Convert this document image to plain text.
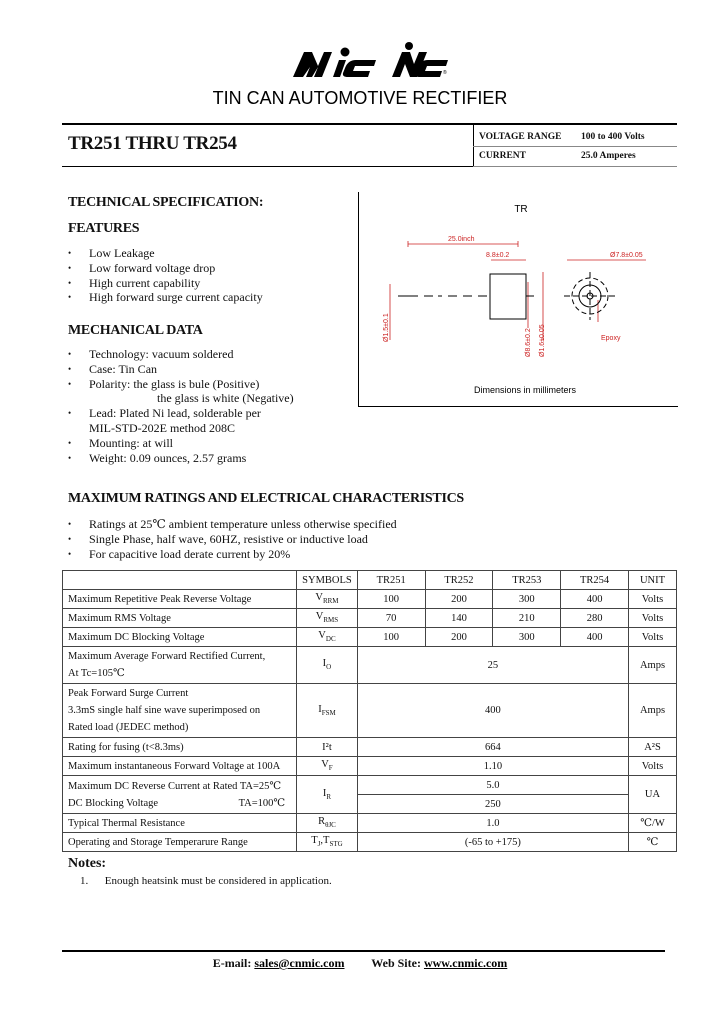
®
TIN CAN AUTOMOTIVE RECTIFIER
TR251 THRU TR254	VOLTAGE RANGE 100 to 400 Volts
CURRENT	25.0 Amperes
TECHNICAL SPECIFICATION:
FEATURES
• Low Leakage
• Low forward voltage drop
• High current capability
• High forward surge current capacity
MECHANICAL DATA
• Technology: vacuum soldered
• Case: Tin Can
• Polarity: the glass is bule (Positive)
the glass is white (Negative)
• Lead: Plated Ni lead, solderable per
MIL-STD-202E method 208C
• Mounting: at will
• Weight: 0.09 ounces, 2.57 grams
TR
25.0inch
8.8±0.2	Ø7.8±0.05
Epoxy
Ø1.5±0.1
Ø8.6±0.2 Ø1.6±0.05
Dimensions in millimeters
MAXIMUM RATINGS AND ELECTRICAL CHARACTERISTICS
• Ratings at 25℃ ambient temperature unless otherwise specified
• Single Phase, half wave, 60HZ, resistive or inductive load
• For capacitive load derate current by 20%
	SYMBOLS	TR251	TR252	TR253	TR254	UNIT
Maximum Repetitive Peak Reverse Voltage	$V_{RRM}$	100	200	300	400	Volts
Maximum RMS Voltage	$V_{RMS}$	70	140	210	280	Volts
Maximum DC Blocking Voltage	$V_{DC}$	100	200	300	400	Volts

Maximum Average Forward Rectified Current,
At Tc=105℃	$I_O$	25				Amps

Peak Forward Surge Current
3.3mS single half sine wave superimposed on
Rated load (JEDEC method)	$I_{FSM}$	400				Amps
Rating for fusing (t<8.3ms)	I²t	664				A²S
Maximum instantaneous Forward Voltage at 100A	$V_F$	1.10				Volts

Maximum DC Reverse Current at Rated TA=25℃
DC Blocking Voltage TA=100℃	$I_R$	5.0				UA
		250				
Typical Thermal Resistance	$R_{\theta JC}$	1.0				℃/W
Operating and Storage Temperarure Range	$T_J,T_{STG}$	(-65 to +175)				℃
Notes:
1.      Enough heatsink must be considered in application.
E-mail: sales@cnmic.com Web Site: www.cnmic.com
